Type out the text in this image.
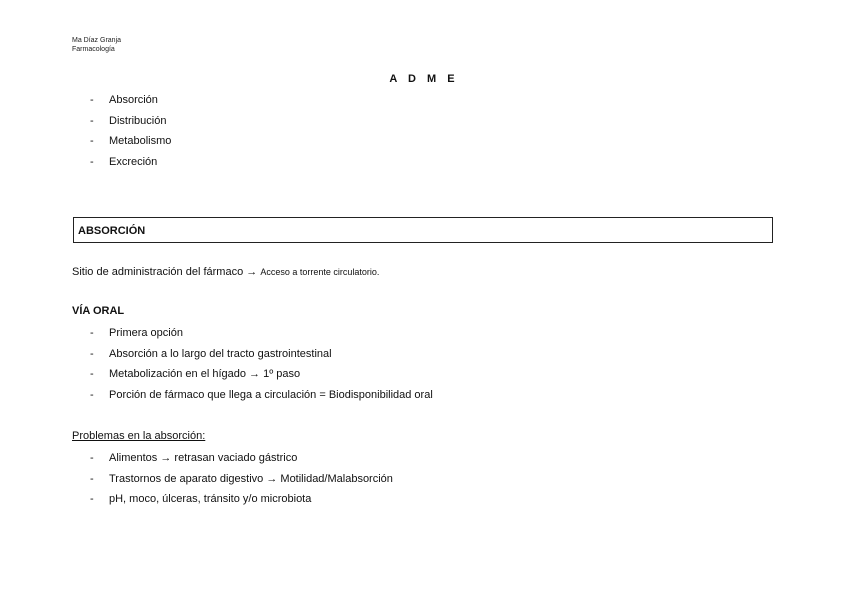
Ma Díaz Granja
Farmacología
A D M E
- Absorción
- Distribución
- Metabolismo
- Excreción
ABSORCIÓN
Sitio de administración del fármaco → Acceso a torrente circulatorio.
VÍA ORAL
- Primera opción
- Absorción a lo largo del tracto gastrointestinal
- Metabolización en el hígado → 1º paso
- Porción de fármaco que llega a circulación = Biodisponibilidad oral
Problemas en la absorción:
- Alimentos → retrasan vaciado gástrico
- Trastornos de aparato digestivo → Motilidad/Malabsorción
- pH, moco, úlceras, tránsito y/o microbiota
